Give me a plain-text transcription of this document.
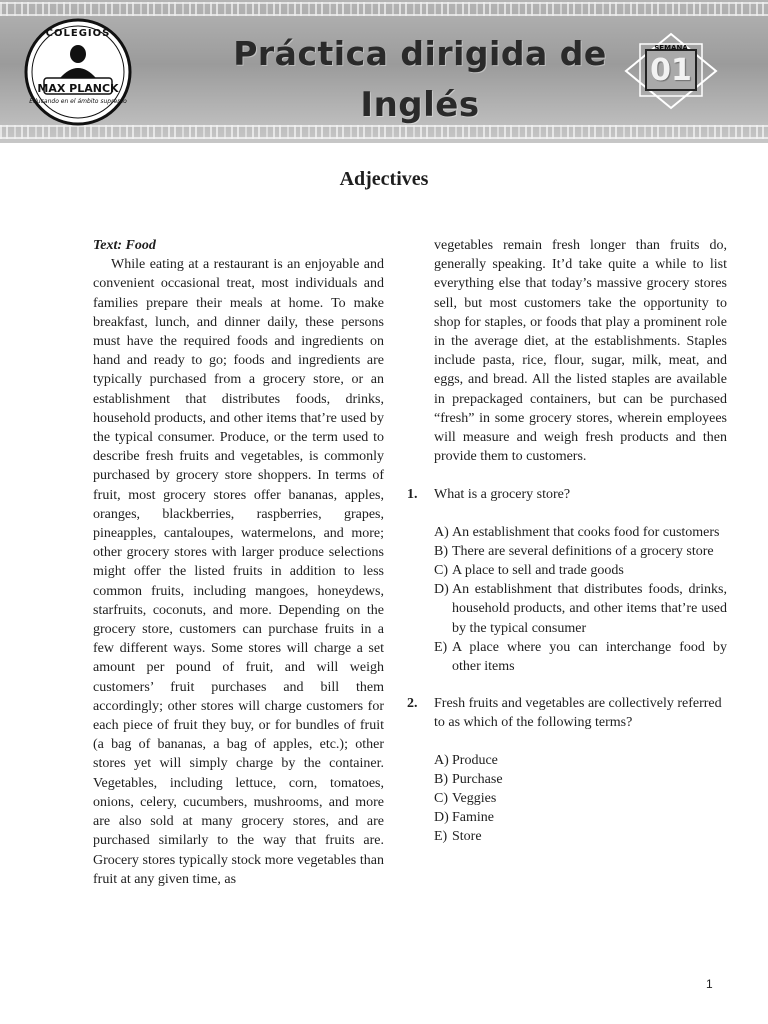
COLEGIOS
MAX PLANCK
Educando en el ámbito supremo
Práctica dirigida de
Inglés
SEMANA
01
Adjectives

Text: Food

While eating at a restaurant is an enjoyable and convenient occasional treat, most individuals and families prepare their meals at home. To make breakfast, lunch, and dinner daily, these persons must have the required foods and ingredients on hand and ready to go; foods and ingredients are typically purchased from a grocery store, or an establishment that distributes foods, drinks, household products, and other items that’re used by the typical consumer. Produce, or the term used to describe fresh fruits and vegetables, is commonly purchased by grocery store shoppers. In terms of fruit, most grocery stores offer bananas, apples, oranges, blackberries, raspberries, grapes, pineapples, cantaloupes, watermelons, and more; other grocery stores with larger produce selections might offer the listed fruits in addition to less common fruits, including mangoes, honeydews, starfruits, coconuts, and more. Depending on the grocery store, customers can purchase fruits in a few different ways. Some stores will charge a set amount per pound of fruit, and will weigh customers’ fruit purchases and bill them accordingly; other stores will charge customers for each piece of fruit they buy, or for bundles of fruit (a bag of bananas, a bag of apples, etc.); other stores yet will simply charge by the container. Vegetables, including lettuce, corn, tomatoes, onions, celery, cucumbers, mushrooms, and more are also sold at many grocery stores, and are purchased similarly to the way that fruits are. Grocery stores typically stock more vegetables than fruit at any given time, as

vegetables remain fresh longer than fruits do, generally speaking. It’d take quite a while to list everything else that today’s massive grocery stores sell, but most customers take the opportunity to shop for staples, or foods that play a prominent role in the average diet, at the establishments. Staples include pasta, rice, flour, sugar, milk, meat, and eggs, and bread. All the listed staples are available in prepackaged containers, but can be purchased “fresh” in some grocery stores, wherein employees will measure and weigh fresh products and then provide them to customers.

1. What is a grocery store?
A) An establishment that cooks food for customers
B) There are several definitions of a grocery store
C) A place to sell and trade goods
D) An establishment that distributes foods, drinks, household products, and other items that’re used by the typical consumer
E) A place where you can interchange food by other items
2. Fresh fruits and vegetables are collectively referred to as which of the following terms?
A) Produce
B) Purchase
C) Veggies
D) Famine
E) Store
1
